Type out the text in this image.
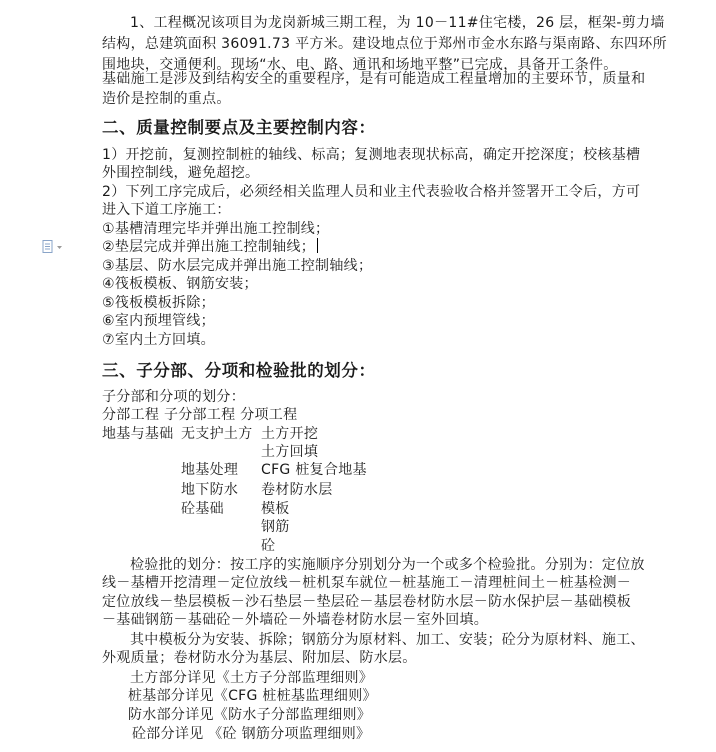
1、工程概况该项目为龙岗新城三期工程，为 10－11#住宅楼，26 层，框架-剪力墙
结构，总建筑面积 36091.73 平方米。建设地点位于郑州市金水东路与渠南路、东四环所
围地块，交通便利。现场“水、电、路、通讯和场地平整”已完成，具备开工条件。
基础施工是涉及到结构安全的重要程序，是有可能造成工程量增加的主要环节，质量和
造价是控制的重点。
二、质量控制要点及主要控制内容：
1）开挖前，复测控制桩的轴线、标高；复测地表现状标高，确定开挖深度；校核基槽
外围控制线，避免超挖。
2）下列工序完成后，必须经相关监理人员和业主代表验收合格并签署开工令后，方可
进入下道工序施工：
①基槽清理完毕并弹出施工控制线；
②垫层完成并弹出施工控制轴线；
③基层、防水层完成并弹出施工控制轴线；
④筏板模板、钢筋安装；
⑤筏板模板拆除；
⑥室内预埋管线；
⑦室内土方回填。
三、子分部、分项和检验批的划分：
子分部和分项的划分：
分部工程 子分部工程 分项工程
地基与基础 无支护土方 土方开挖
土方回填
地基处理 CFG 桩复合地基
地下防水 卷材防水层
砼基础	模板
钢筋
砼
检验批的划分：按工序的实施顺序分别划分为一个或多个检验批。分别为：定位放
线－基槽开挖清理－定位放线－桩机泵车就位－桩基施工－清理桩间土－桩基检测－
定位放线－垫层模板－沙石垫层－垫层砼－基层卷材防水层－防水保护层－基础模板
－基础钢筋－基础砼－外墙砼－外墙卷材防水层－室外回填。
其中模板分为安装、拆除；钢筋分为原材料、加工、安装；砼分为原材料、施工、
外观质量；卷材防水分为基层、附加层、防水层。
土方部分详见《土方子分部监理细则》
桩基部分详见《CFG 桩桩基监理细则》
防水部分详见《防水子分部监理细则》
砼部分详见 《砼 钢筋分项监理细则》
